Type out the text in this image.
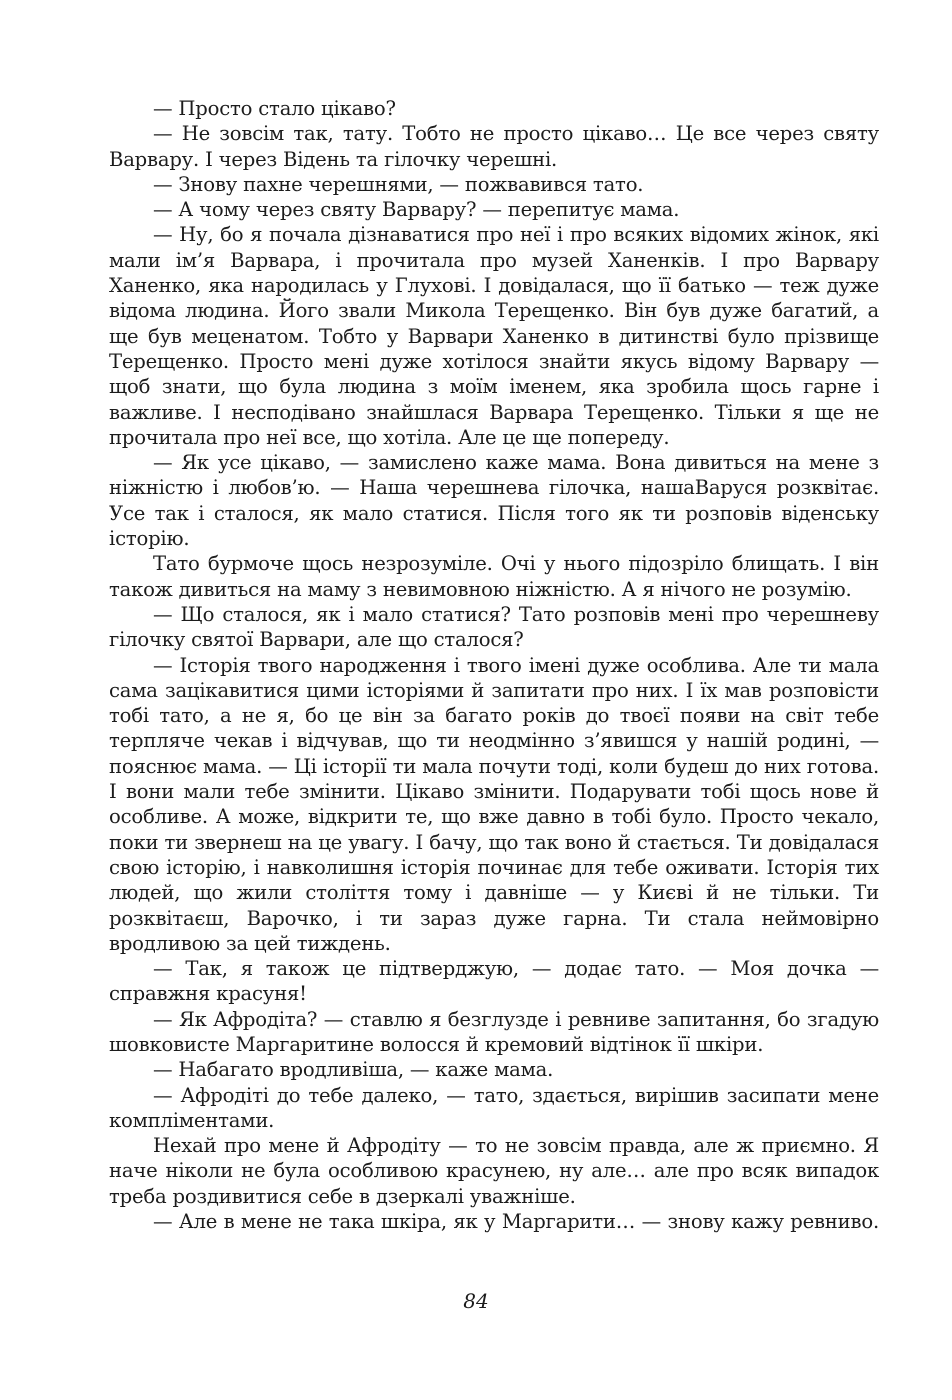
— Просто стало цікаво?

— Не зовсім так, тату. Тобто не просто цікаво… Це все через святу Варвару. І через Відень та гілочку черешні.

— Знову пахне черешнями, — пожвавився тато.

— А чому через святу Варвару? — перепитує мама.

— Ну, бо я почала дізнаватися про неї і про всяких відомих жінок, які мали ім’я Варвара, і прочитала про музей Ханенків. І про Варвару Ханенко, яка народилась у Глухові. І довідалася, що її батько — теж дуже відома людина. Його звали Микола Терещенко. Він був дуже багатий, а ще був меценатом. Тобто у Варвари Ханенко в дитинстві було прізвище Терещенко. Просто мені дуже хотілося знайти якусь відому Варвару — щоб знати, що була людина з моїм іменем, яка зробила щось гарне і важливе. І несподівано знайшлася Варвара Терещенко. Тільки я ще не прочитала про неї все, що хотіла. Але це ще попереду.

— Як усе цікаво, — замислено каже мама. Вона дивиться на мене з ніжністю і любов’ю. — Наша черешнева гілочка, нашаВаруся розквітає. Усе так і сталося, як мало статися. Після того як ти розповів віденську історію.

Тато бурмоче щось незрозуміле. Очі у нього підозріло блищать. І він також дивиться на маму з невимовною ніжністю. А я нічого не розумію.

— Що сталося, як і мало статися? Тато розповів мені про черешневу гілочку святої Варвари, але що сталося?

— Історія твого народження і твого імені дуже особлива. Але ти мала сама зацікавитися цими історіями й запитати про них. І їх мав розповісти тобі тато, а не я, бо це він за багато років до твоєї появи на світ тебе терпляче чекав і відчував, що ти неодмінно з’явишся у нашій родині, — пояснює мама. — Ці історії ти мала почути тоді, коли будеш до них готова. І вони мали тебе змінити. Цікаво змінити. Подарувати тобі щось нове й особливе. А може, відкрити те, що вже давно в тобі було. Просто чекало, поки ти звернеш на це увагу. І бачу, що так воно й стається. Ти довідалася свою історію, і навколишня історія починає для тебе оживати. Історія тих людей, що жили століття тому і давніше — у Києві й не тільки. Ти розквітаєш, Варочко, і ти зараз дуже гарна. Ти стала неймовірно вродливою за цей тиждень.

— Так, я також це підтверджую, — додає тато. — Моя дочка — справжня красуня!

— Як Афродіта? — ставлю я безглузде і ревниве запитання, бо згадую шовковисте Маргаритине волосся й кремовий відтінок її шкіри.

— Набагато вродливіша, — каже мама.

— Афродіті до тебе далеко, — тато, здається, вирішив засипати мене компліментами.

Нехай про мене й Афродіту — то не зовсім правда, але ж приємно. Я наче ніколи не була особливою красунею, ну але… але про всяк випадок треба роздивитися себе в дзеркалі уважніше.

— Але в мене не така шкіра, як у Маргарити… — знову кажу ревниво.

84
